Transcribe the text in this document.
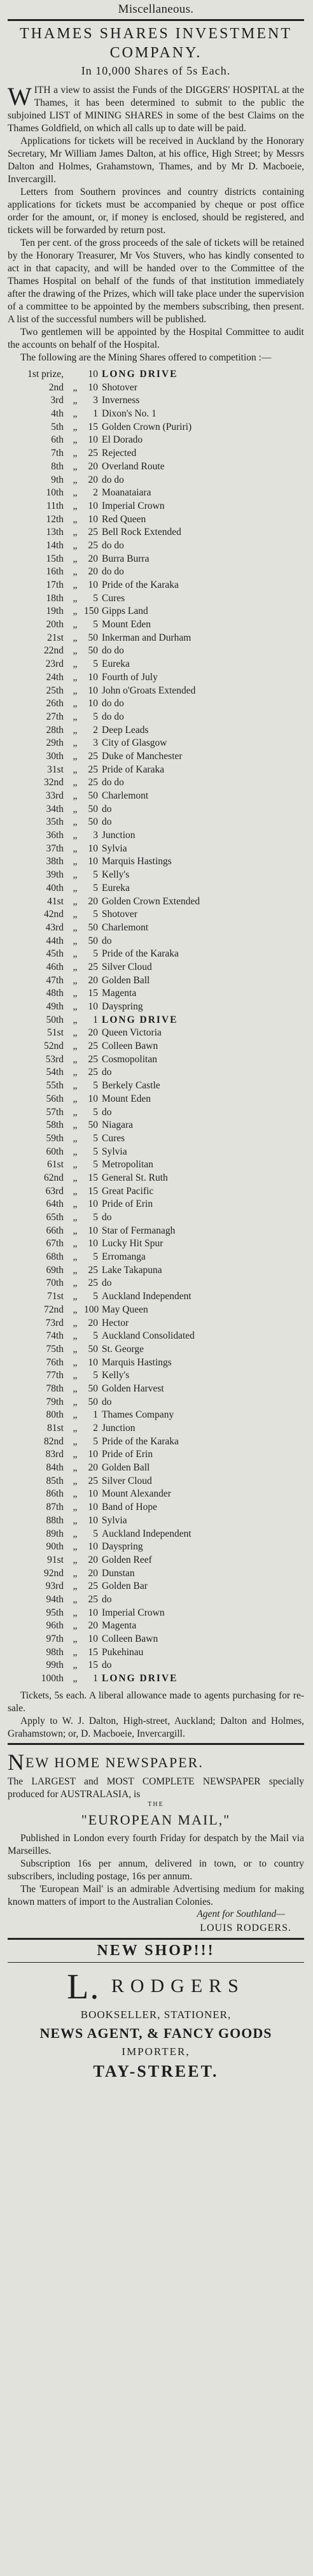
Miscellaneous.
THAMES SHARES INVESTMENT
COMPANY.
In 10,000 Shares of 5s Each.

WITH a view to assist the Funds of the DIGGERS' HOSPITAL at the Thames, it has been determined to submit to the public the subjoined LIST of MINING SHARES in some of the best Claims on the Thames Goldfield, on which all calls up to date will be paid.

Applications for tickets will be received in Auckland by the Honorary Secretary, Mr William James Dalton, at his office, High Street; by Messrs Dalton and Holmes, Grahamstown, Thames, and by Mr D. Macboeie, Invercargill.

Letters from Southern provinces and country districts containing applications for tickets must be accompanied by cheque or post office order for the amount, or, if money is enclosed, should be registered, and tickets will be forwarded by return post.

Ten per cent. of the gross proceeds of the sale of tickets will be retained by the Honorary Treasurer, Mr Vos Stuvers, who has kindly consented to act in that capacity, and will be handed over to the Committee of the Thames Hospital on behalf of the funds of that institution immediately after the drawing of the Prizes, which will take place under the supervision of a committee to be appointed by the members subscribing, then present. A list of the successful numbers will be published.

Two gentlemen will be appointed by the Hospital Committee to audit the accounts on behalf of the Hospital.

The following are the Mining Shares offered to competition :—

1st prize,	10 LONG DRIVE
2nd „	10 Shotover
3rd „	3 Inverness
4th „	1 Dixon's No. 1
5th „	15 Golden Crown (Puriri)
6th „	10 El Dorado
7th „	25 Rejected
8th „	20 Overland Route
9th „	20 do do
10th „	2 Moanataiara
11th „	10 Imperial Crown
12th „	10 Red Queen
13th „	25 Bell Rock Extended
14th „	25 do do
15th „	20 Burra Burra
16th „	20 do do
17th „	10 Pride of the Karaka
18th „	5 Cures
19th „ 150 Gipps Land
20th „	5 Mount Eden
21st „	50 Inkerman and Durham
22nd „	50 do do
23rd „	5 Eureka
24th „	10 Fourth of July
25th „	10 John o'Groats Extended
26th „	10 do do
27th „	5 do do
28th „	2 Deep Leads
29th „	3 City of Glasgow
30th „	25 Duke of Manchester
31st „	25 Pride of Karaka
32nd „	25 do do
33rd „	50 Charlemont
34th „	50 do
35th „	50 do
36th „	3 Junction
37th „	10 Sylvia
38th „	10 Marquis Hastings
39th „	5 Kelly's
40th „	5 Eureka
41st „	20 Golden Crown Extended
42nd „	5 Shotover
43rd „	50 Charlemont
44th „	50 do
45th „	5 Pride of the Karaka
46th „	25 Silver Cloud
47th „	20 Golden Ball
48th „	15 Magenta
49th „	10 Dayspring
50th „	1 LONG DRIVE
51st „	20 Queen Victoria
52nd „	25 Colleen Bawn
53rd „	25 Cosmopolitan
54th „	25 do
55th „	5 Berkely Castle
56th „	10 Mount Eden
57th „	5 do
58th „	50 Niagara
59th „	5 Cures
60th „	5 Sylvia
61st „	5 Metropolitan
62nd „	15 General St. Ruth
63rd „	15 Great Pacific
64th „	10 Pride of Erin
65th „	5 do
66th „	10 Star of Fermanagh
67th „	10 Lucky Hit Spur
68th „	5 Erromanga
69th „	25 Lake Takapuna
70th „	25 do
71st „	5 Auckland Independent
72nd „ 100 May Queen
73rd „	20 Hector
74th „	5 Auckland Consolidated
75th „	50 St. George
76th „	10 Marquis Hastings
77th „	5 Kelly's
78th „	50 Golden Harvest
79th „	50 do
80th „	1 Thames Company
81st „	2 Junction
82nd „	5 Pride of the Karaka
83rd „	10 Pride of Erin
84th „	20 Golden Ball
85th „	25 Silver Cloud
86th „	10 Mount Alexander
87th „	10 Band of Hope
88th „	10 Sylvia
89th „	5 Auckland Independent
90th „	10 Dayspring
91st „	20 Golden Reef
92nd „	20 Dunstan
93rd „	25 Golden Bar
94th „	25 do
95th „	10 Imperial Crown
96th „	20 Magenta
97th „	10 Colleen Bawn
98th „	15 Pukehinau
99th „	15 do
100th „	1 LONG DRIVE

Tickets, 5s each. A liberal allowance made to agents purchasing for re-sale.

Apply to W. J. Dalton, High-street, Auckland; Dalton and Holmes, Grahamstown; or, D. Macboeie, Invercargill.

NEW HOME NEWSPAPER.

The LARGEST and MOST COMPLETE NEWSPAPER specially produced for AUSTRALASIA, is

THE
"EUROPEAN MAIL,"

Published in London every fourth Friday for despatch by the Mail via Marseilles.

Subscription 16s per annum, delivered in town, or to country subscribers, including postage, 16s per annum.

The 'European Mail' is an admirable Advertising medium for making known matters of import to the Australian Colonies.

Agent for Southland—
LOUIS RODGERS.
NEW SHOP!!!
L. RODGERS
BOOKSELLER, STATIONER,
NEWS AGENT, & FANCY GOODS
IMPORTER,
TAY-STREET.
